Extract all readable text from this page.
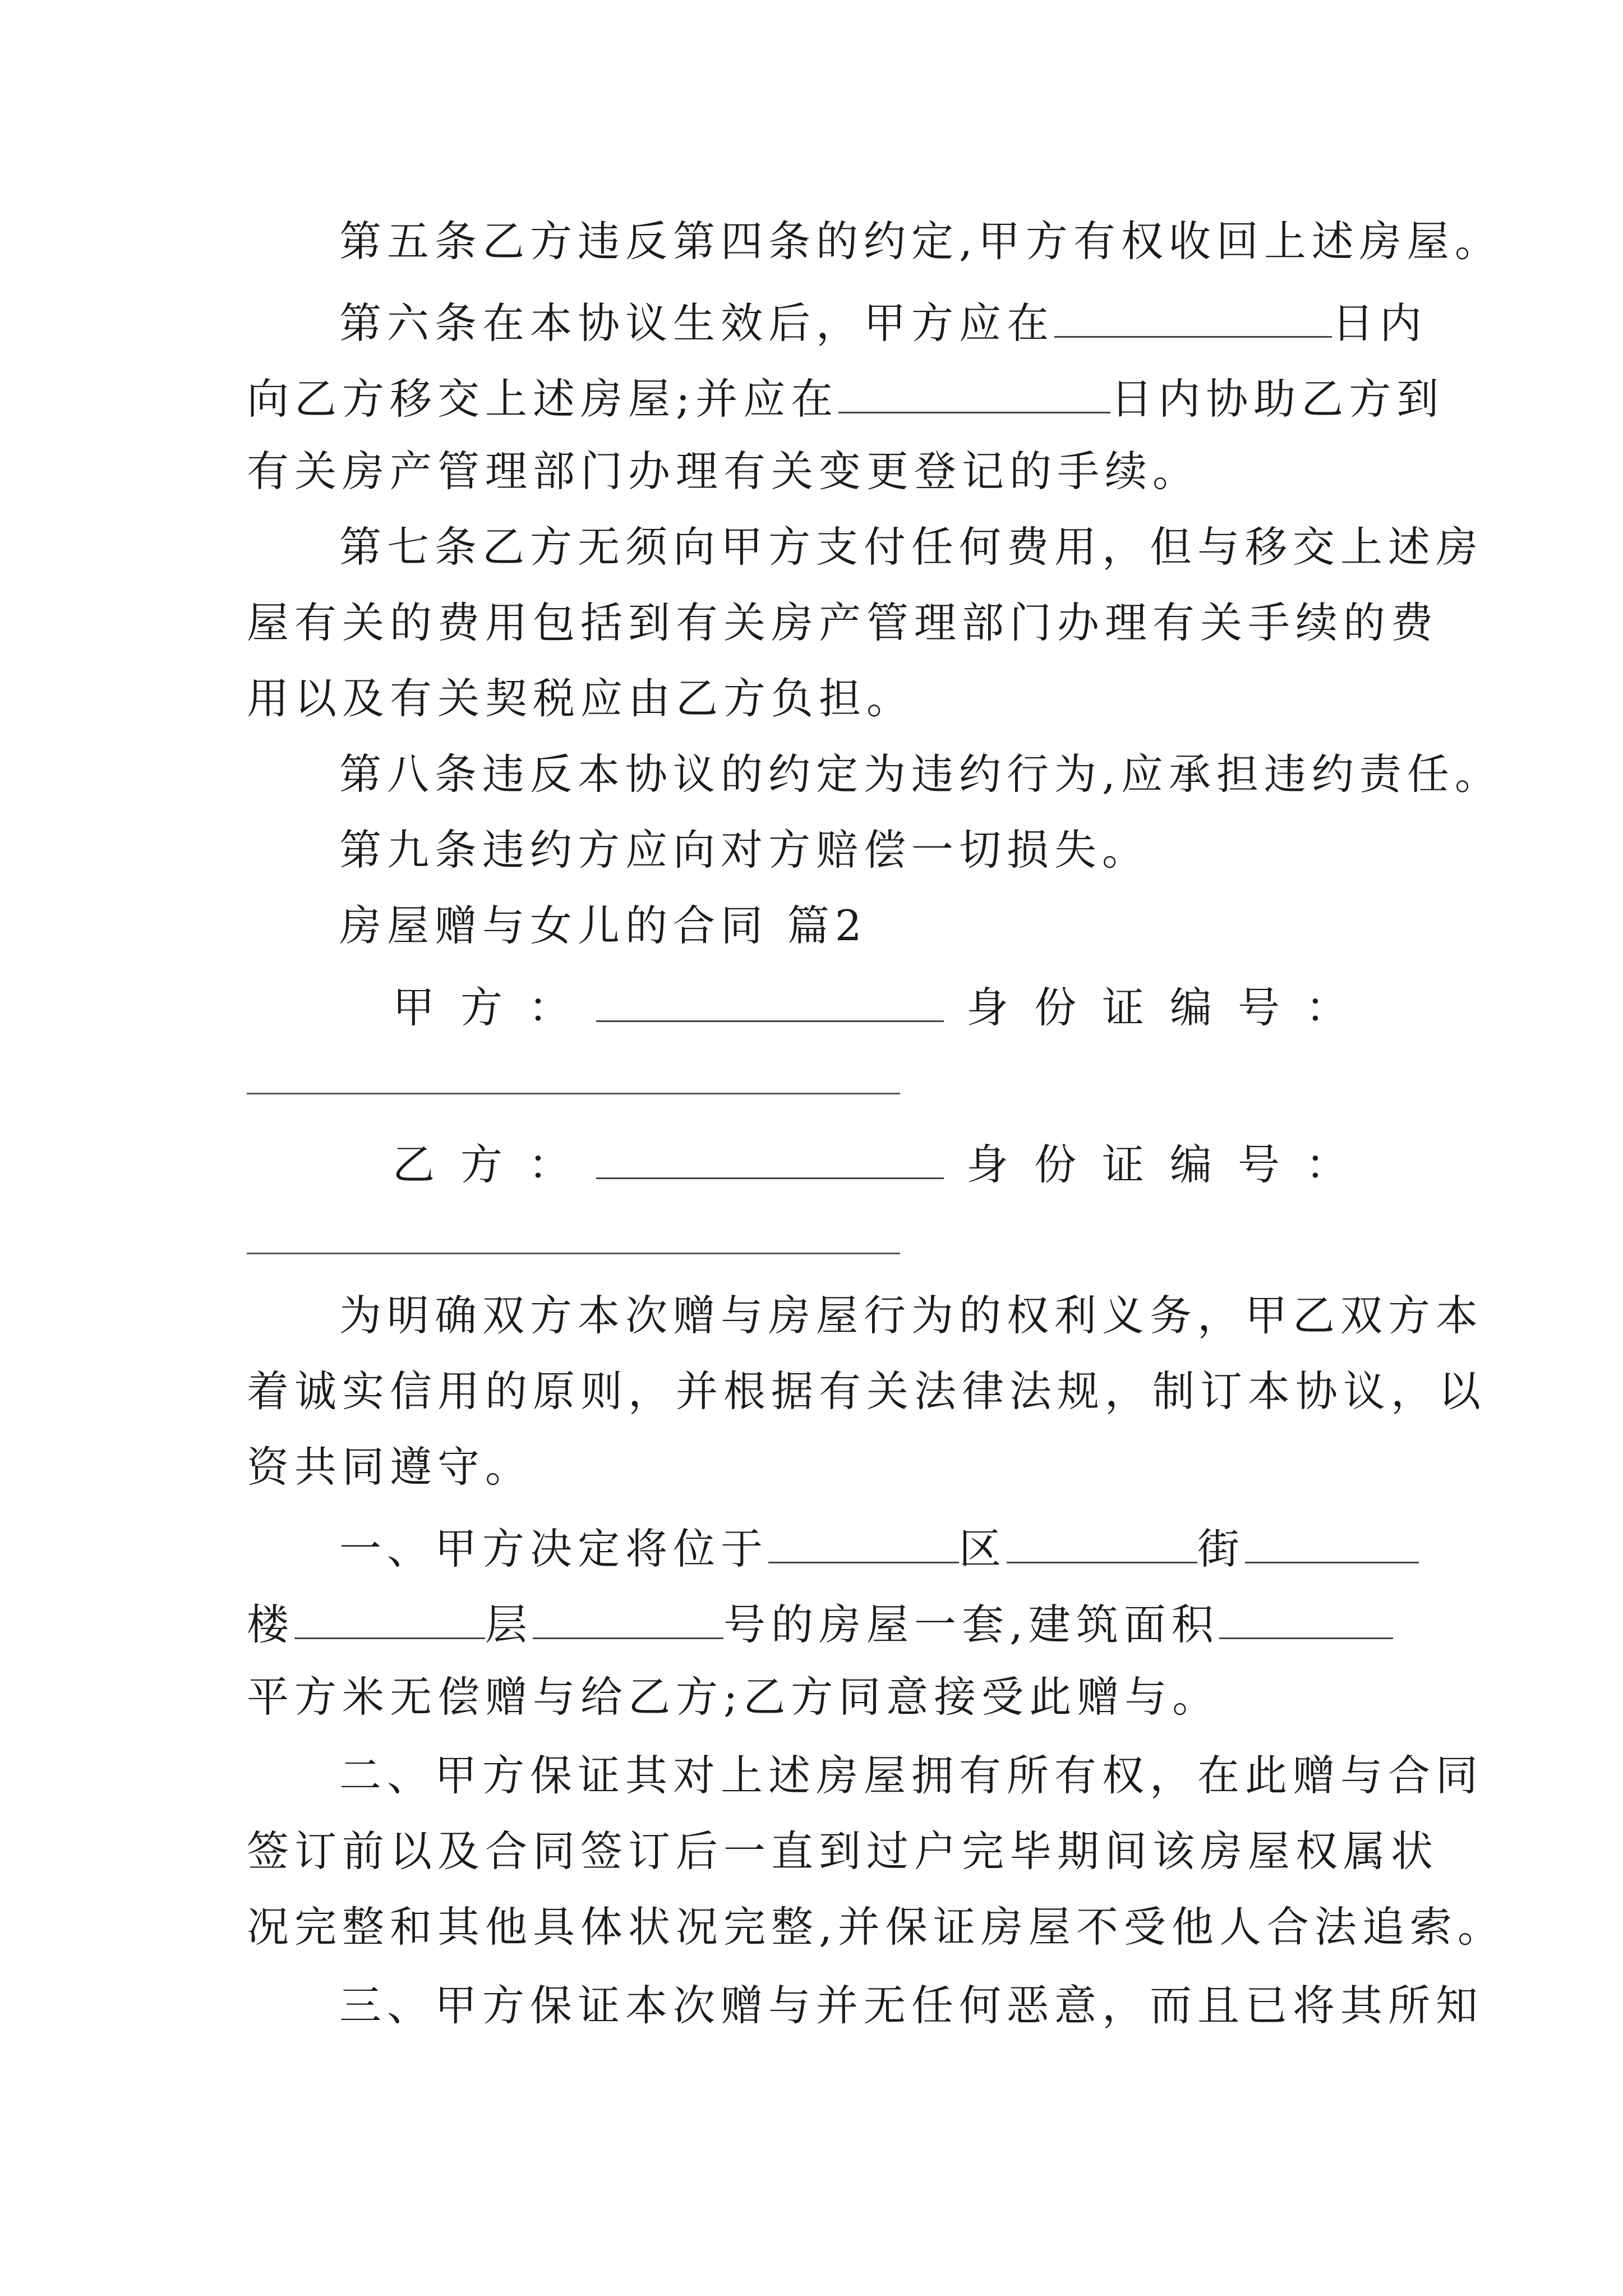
第五条乙方违反第四条的约定,甲方有权收回上述房屋。
第六条在本协议生效后，甲方应在	日内
向乙方移交上述房屋;并应在	日内协助乙方到
有关房产管理部门办理有关变更登记的手续。
第七条乙方无须向甲方支付任何费用，但与移交上述房
屋有关的费用包括到有关房产管理部门办理有关手续的费
用以及有关契税应由乙方负担。
第八条违反本协议的约定为违约行为,应承担违约责任。
第九条违约方应向对方赔偿一切损失。
房屋赠与女儿的合同 篇2
甲方：	身份证编号：
乙方：	身份证编号：
为明确双方本次赠与房屋行为的权利义务，甲乙双方本
着诚实信用的原则，并根据有关法律法规，制订本协议，以
资共同遵守。
一、甲方决定将位于	区	街
楼	层	号的房屋一套,建筑面积
平方米无偿赠与给乙方;乙方同意接受此赠与。
二、甲方保证其对上述房屋拥有所有权，在此赠与合同
签订前以及合同签订后一直到过户完毕期间该房屋权属状
况完整和其他具体状况完整,并保证房屋不受他人合法追索。
三、甲方保证本次赠与并无任何恶意，而且已将其所知
